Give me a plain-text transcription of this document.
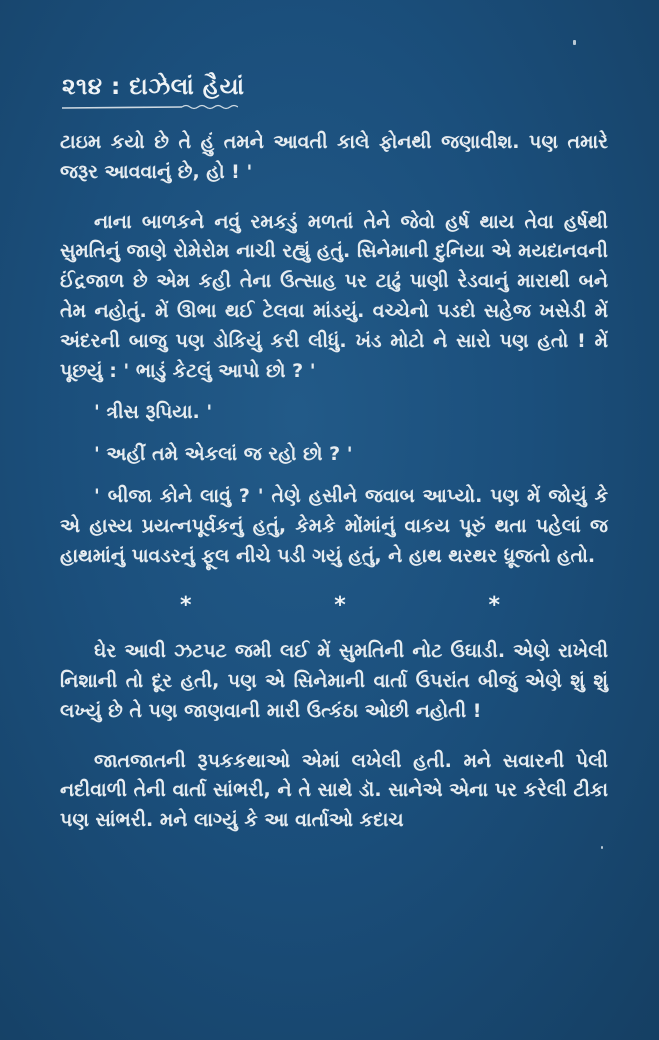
૨૧૪ : દાઝેલાં હૈયાં

ટાઇમ કયો છે તે હું તમને આવતી કાલે ફોનથી જણાવીશ. પણ તમારે જરૂર આવવાનું છે, હો ! '

નાના બાળકને નવું રમકડું મળતાં તેને જેવો હર્ષ થાય તેવા હર્ષથી સુમતિનું જાણે રોમેરોમ નાચી રહ્યું હતું. સિનેમાની દુનિયા એ મયદાનવની ઈંદ્રજાળ છે એમ કહી તેના ઉત્સાહ પર ટાઢું પાણી રેડવાનું મારાથી બને તેમ નહોતું. મેં ઊભા થઈ ટેલવા માંડયું. વચ્ચેનો પડદો સહેજ ખસેડી મેં અંદરની બાજુ પણ ડોકિયું કરી લીધું. ખંડ મોટો ને સારો પણ હતો ! મેં પૂછયું : ' ભાડું કેટલું આપો છો ? '

' ત્રીસ રૂપિયા. '

' અહીં તમે એકલાં જ રહો છો ? '

' બીજા કોને લાવું ? ' તેણે હસીને જવાબ આપ્યો. પણ મેં જોયું કે એ હાસ્ય પ્રયત્નપૂર્વકનું હતું, કેમકે મોંમાંનું વાકય પૂરું થતા પહેલાં જ હાથમાંનું પાવડરનું ફૂલ નીચે પડી ગયું હતું, ને હાથ થરથર ધ્રૂજતો હતો.

*	*	*

ઘેર આવી ઝટપટ જમી લઈ મેં સુમતિની નોટ ઉઘાડી. એણે રાખેલી નિશાની તો દૂર હતી, પણ એ સિનેમાની વાર્તા ઉપરાંત બીજું એણે શું શું લખ્યું છે તે પણ જાણવાની મારી ઉત્કંઠા ઓછી નહોતી !

જાતજાતની રૂપકકથાઓ એમાં લખેલી હતી. મને સવારની પેલી નદીવાળી તેની વાર્તા સાંભરી, ને તે સાથે ડૉ. સાનેએ એના પર કરેલી ટીકા પણ સાંભરી. મને લાગ્યું કે આ વાર્તાઓ કદાચ
